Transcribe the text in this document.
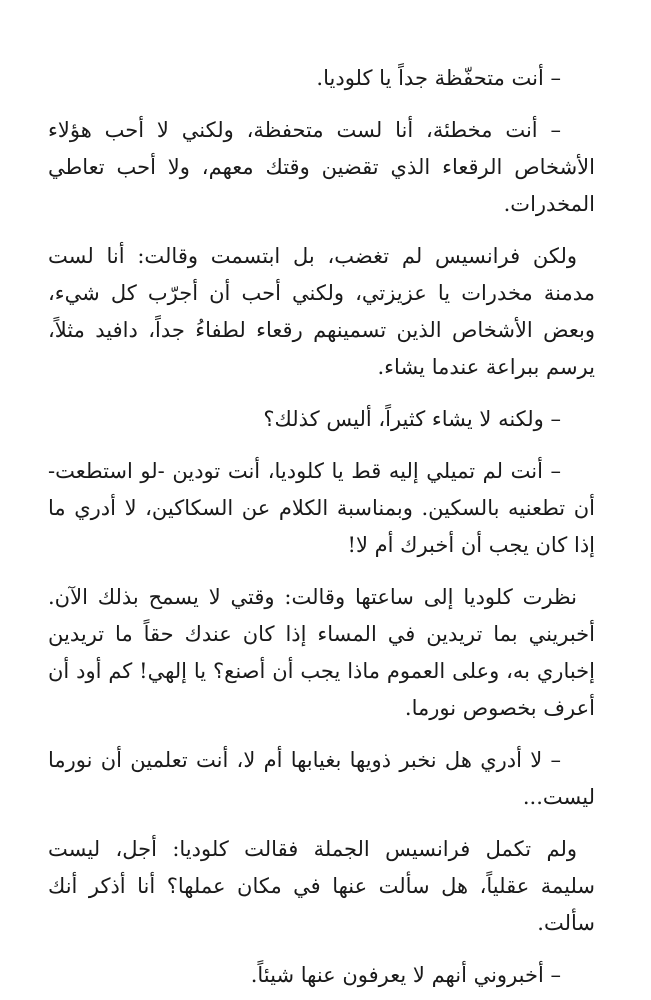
– أنت متحفّظة جداً يا كلوديا.

– أنت مخطئة، أنا لست متحفظة، ولكني لا أحب هؤلاء الأشخاص الرقعاء الذي تقضين وقتك معهم، ولا أحب تعاطي المخدرات.

ولكن فرانسيس لم تغضب، بل ابتسمت وقالت: أنا لست مدمنة مخدرات يا عزيزتي، ولكني أحب أن أجرّب كل شيء، وبعض الأشخاص الذين تسمينهم رقعاء لطفاءُ جداً، دافيد مثلاً، يرسم ببراعة عندما يشاء.

– ولكنه لا يشاء كثيراً، أليس كذلك؟

– أنت لم تميلي إليه قط يا كلوديا، أنت تودين -لو استطعت- أن تطعنيه بالسكين. وبمناسبة الكلام عن السكاكين، لا أدري ما إذا كان يجب أن أخبرك أم لا!

نظرت كلوديا إلى ساعتها وقالت: وقتي لا يسمح بذلك الآن. أخبريني بما تريدين في المساء إذا كان عندك حقاً ما تريدين إخباري به، وعلى العموم ماذا يجب أن أصنع؟ يا إلهي! كم أود أن أعرف بخصوص نورما.

– لا أدري هل نخبر ذويها بغيابها أم لا، أنت تعلمين أن نورما ليست...

ولم تكمل فرانسيس الجملة فقالت كلوديا: أجل، ليست سليمة عقلياً، هل سألت عنها في مكان عملها؟ أنا أذكر أنك سألت.

– أخبروني أنهم لا يعرفون عنها شيئاً.
